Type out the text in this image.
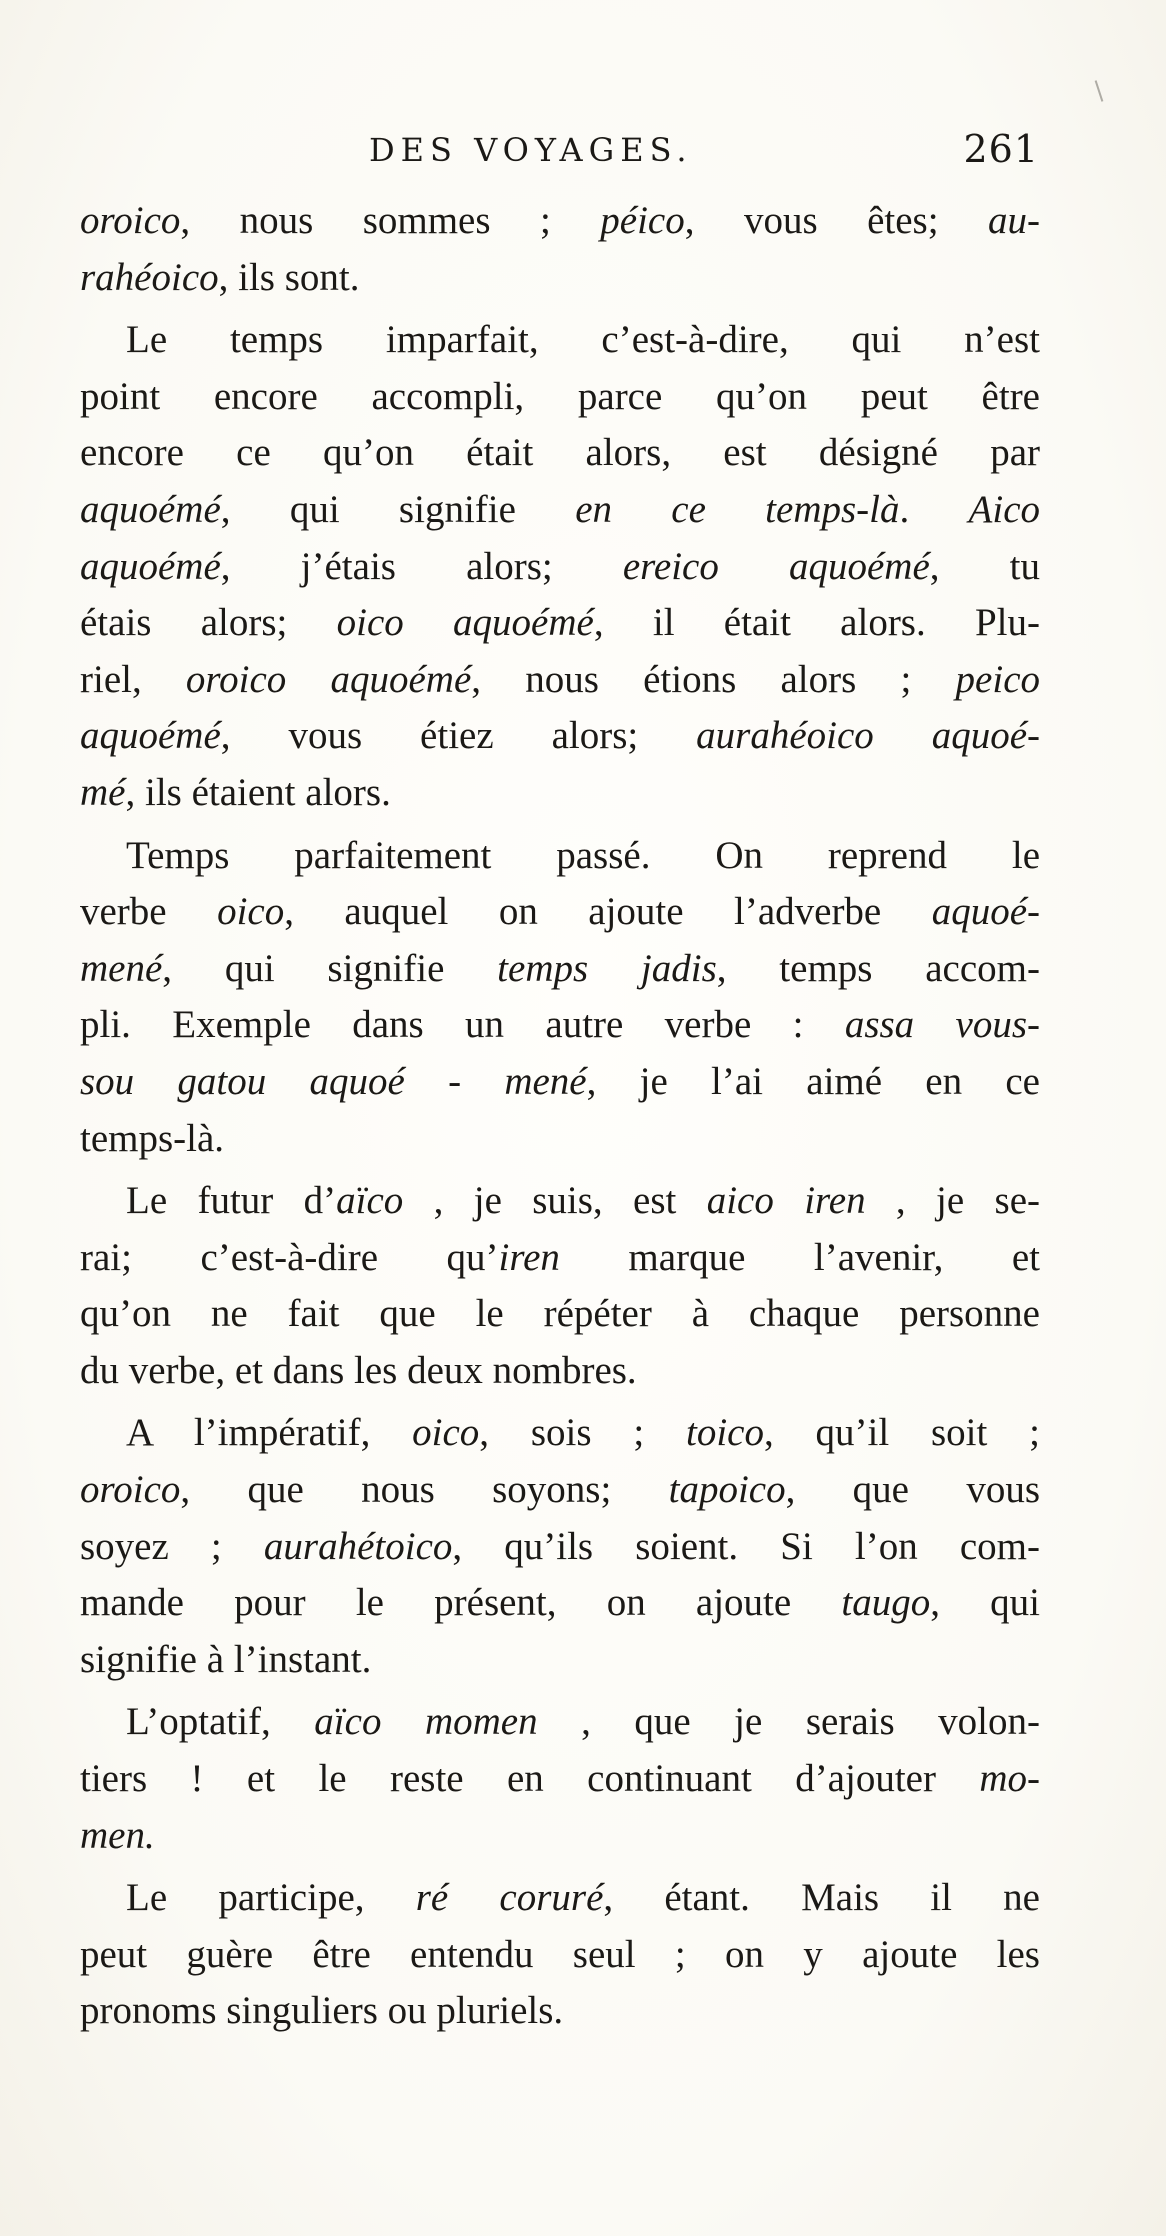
DES VOYAGES.	261
oroico, nous sommes ; péico, vous êtes; au-
rahéoico, ils sont.
Le temps imparfait, c’est-à-dire, qui n’est
point encore accompli, parce qu’on peut être
encore ce qu’on était alors, est désigné par
aquoémé, qui signifie en ce temps-là. Aico
aquoémé, j’étais alors; ereico aquoémé, tu
étais alors; oico aquoémé, il était alors. Plu-
riel, oroico aquoémé, nous étions alors ; peico
aquoémé, vous étiez alors; aurahéoico aquoé-
mé, ils étaient alors.
Temps parfaitement passé. On reprend le
verbe oico, auquel on ajoute l’adverbe aquoé-
mené, qui signifie temps jadis, temps accom-
pli. Exemple dans un autre verbe : assa vous-
sou gatou aquoé - mené, je l’ai aimé en ce
temps-là.
Le futur d’aïco , je suis, est aico iren , je se-
rai; c’est-à-dire qu’iren marque l’avenir, et
qu’on ne fait que le répéter à chaque personne
du verbe, et dans les deux nombres.
A l’impératif, oico, sois ; toico, qu’il soit ;
oroico, que nous soyons; tapoico, que vous
soyez ; aurahétoico, qu’ils soient. Si l’on com-
mande pour le présent, on ajoute taugo, qui
signifie à l’instant.
L’optatif, aïco momen , que je serais volon-
tiers ! et le reste en continuant d’ajouter mo-
men.
Le participe, ré coruré, étant. Mais il ne
peut guère être entendu seul ; on y ajoute les
pronoms singuliers ou pluriels.
